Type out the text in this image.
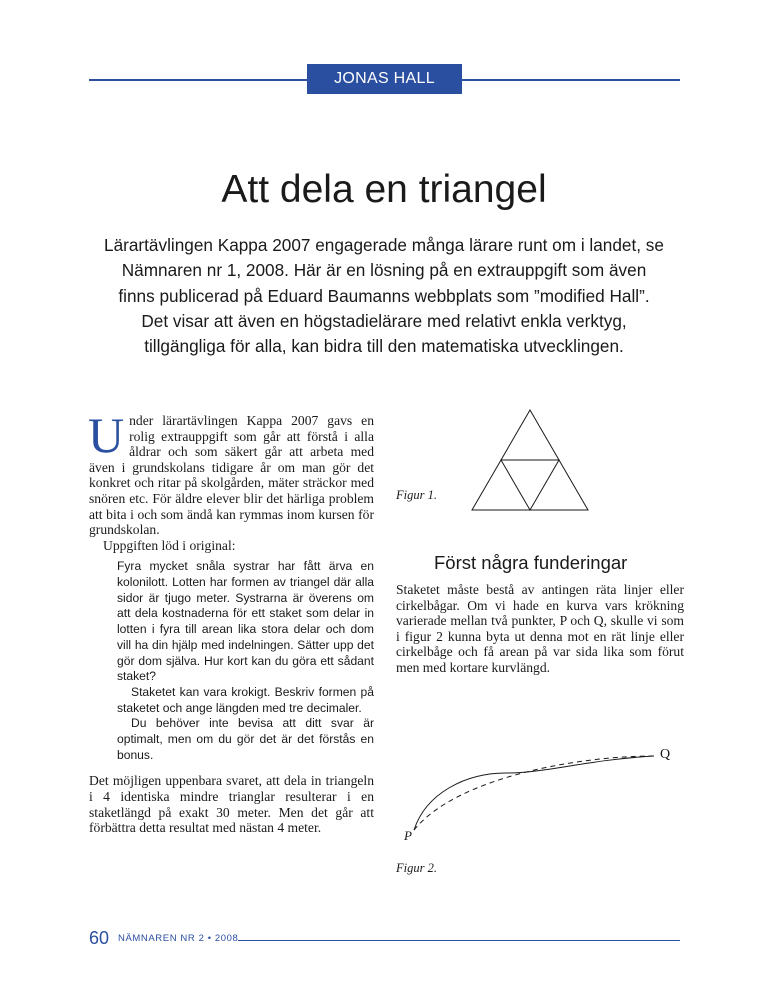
JONAS HALL
Att dela en triangel

Lärartävlingen Kappa 2007 engagerade många lärare runt om i landet, se Nämnaren nr 1, 2008. Här är en lösning på en extrauppgift som även finns publicerad på Eduard Baumanns webbplats som ”modified Hall”. Det visar att även en högstadielärare med relativt enkla verktyg, tillgängliga för alla, kan bidra till den matematiska utvecklingen.

Under lärartävlingen Kappa 2007 gavs en rolig extrauppgift som går att förstå i alla åldrar och som säkert går att arbeta med även i grundskolans tidigare år om man gör det konkret och ritar på skolgården, mäter sträckor med snören etc. För äldre elever blir det härliga problem att bita i och som ändå kan rymmas inom kursen för grundskolan.

Uppgiften löd i original:

Fyra mycket snåla systrar har fått ärva en kolonilott. Lotten har formen av triangel där alla sidor är tjugo meter. Systrarna är överens om att dela kostnaderna för ett staket som delar in lotten i fyra till arean lika stora delar och dom vill ha din hjälp med indelningen. Sätter upp det gör dom själva. Hur kort kan du göra ett sådant staket?

Staketet kan vara krokigt. Beskriv formen på staketet och ange längden med tre decimaler.

Du behöver inte bevisa att ditt svar är optimalt, men om du gör det är det förstås en bonus.

Det möjligen uppenbara svaret, att dela in triangeln i 4 identiska mindre trianglar resulterar i en staketlängd på exakt 30 meter. Men det går att förbättra detta resultat med nästan 4 meter.

Figur 1.
Först några funderingar

Staketet måste bestå av antingen räta linjer eller cirkelbågar. Om vi hade en kurva vars krökning varierade mellan två punkter, P och Q, skulle vi som i figur 2 kunna byta ut denna mot en rät linje eller cirkelbåge och få arean på var sida lika som förut men med kortare kurvlängd.

P
Q
Figur 2.
60 NÄMNAREN NR 2 • 2008
